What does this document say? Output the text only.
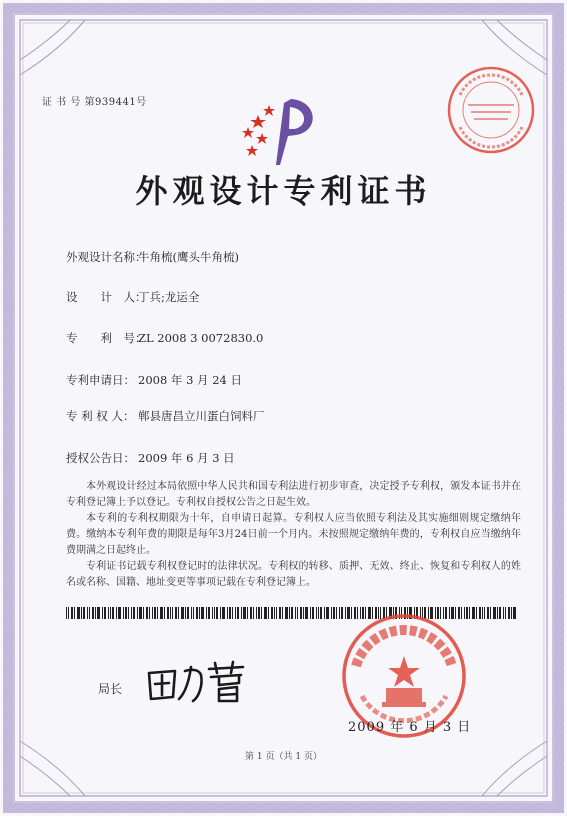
证 书 号 第939441号
外观设计专利证书
外观设计名称：牛角梳(鹰头牛角梳)
设　　计　人：丁兵;龙运全
专　　利　号：ZL 2008 3 0072830.0
专利申请日： 2008 年 3 月 24 日
专 利 权 人： 郸县唐昌立川蛋白饲料厂
授权公告日： 2009 年 6 月 3 日

本外观设计经过本局依照中华人民共和国专利法进行初步审查，决定授予专利权，颁发本证书并在专利登记簿上予以登记。专利权自授权公告之日起生效。

本专利的专利权期限为十年，自申请日起算。专利权人应当依照专利法及其实施细则规定缴纳年费。缴纳本专利年费的期限是每年3月24日前一个月内。未按照规定缴纳年费的，专利权自应当缴纳年费期满之日起终止。

专利证书记载专利权登记时的法律状况。专利权的转移、质押、无效、终止、恢复和专利权人的姓名或名称、国籍、地址变更等事项记载在专利登记簿上。

局长
2009 年 6 月 3 日
第 1 页（共 1 页）
